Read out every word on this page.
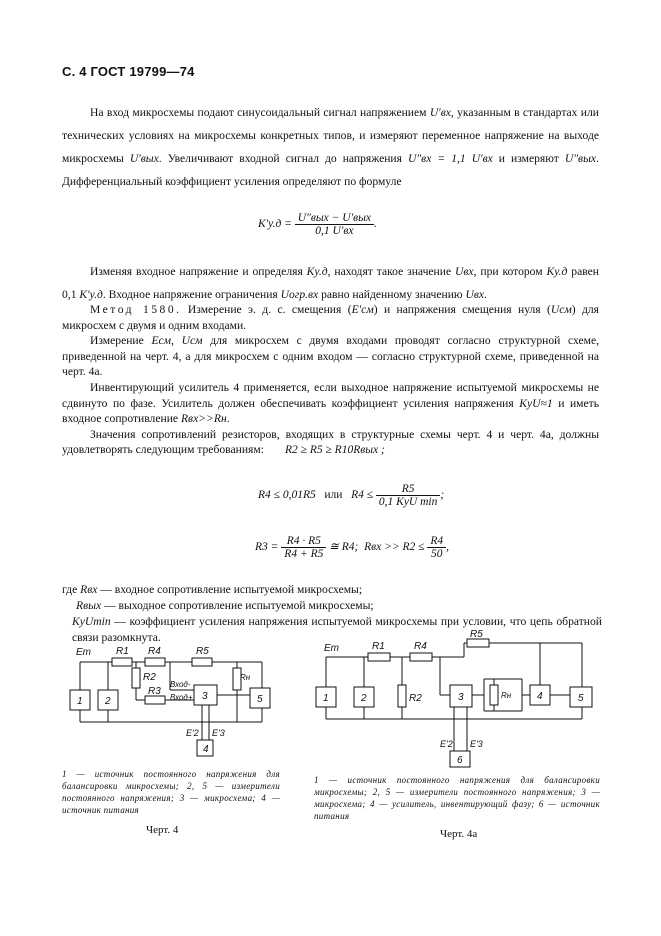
С. 4 ГОСТ 19799—74

На вход микросхемы подают синусоидальный сигнал напряжением U′вх, указанным в стандартах или технических условиях на микросхемы конкретных типов, и измеряют переменное напряжение на выходе микросхемы U′вых. Увеличивают входной сигнал до напряжения U″вх = 1,1 U′вх и измеряют U″вых. Дифференциальный коэффициент усиления определяют по формуле

$K'у.д = \frac{\text{U″вых − U′вых}}{0,1 U'вх}$ .

Изменяя входное напряжение и определяя Kу.д, находят такое значение Uвх, при котором Kу.д равен 0,1 K′у.д. Входное напряжение ограничения Uогр.вх равно найденному значению Uвх.

Метод 1580. Измерение э. д. с. смещения (E′см) и напряжения смещения нуля (Uсм) для микросхем с двумя и одним входами.

Измерение Eсм, Uсм для микросхем с двумя входами проводят согласно структурной схеме, приведенной на черт. 4, а для микросхем с одним входом — согласно структурной схеме, приведенной на черт. 4а.

Инвентирующий усилитель 4 применяется, если выходное напряжение испытуемой микросхемы не сдвинуто по фазе. Усилитель должен обеспечивать коэффициент усиления напряжения KyU≈1 и иметь входное сопротивление Rвх>>Rн.

Значения сопротивлений резисторов, входящих в структурные схемы черт. 4 и черт. 4а, должны удовлетворять следующим требованиям:	R2 ≥ R5 ≥ R10Rвых ;
R4 ≤ 0,01R5 или $R4 \le \frac{R5}{\text{0,1 KyU min}}$ ;
$R3 = \frac{R4 \cdot R5}{R4 + R5}$ ≅ R4; Rвх >> $R2 \le \frac{R4}{50}$ ,
где Rвх — входное сопротивление испытуемой микросхемы;
Rвых — выходное сопротивление испытуемой микросхемы;
KyUmin — коэффициент усиления напряжения испытуемой микросхемы при условии, что цепь обратной связи разомкнута.
Eт	R1 R4	R5
R2
R3
Rн
Вход-
Вход+
E′2 E′3
1 2	3
4
5
1 — источник постоянного напряжения для балансировки микросхемы; 2, 5 — измерители постоянного напряжения; 3 — микросхема; 4 — источник питания
Черт. 4
Eт	R1	R4
R5
R2	Rн
E′2 E′3
1	2	3	4	5
6
1 — источник постоянного напряжения для балансировки микросхемы; 2, 5 — измерители постоянного напряжения; 3 — микросхема; 4 — усилитель, инвентирующий фазу; 6 — источник питания
Черт. 4а
